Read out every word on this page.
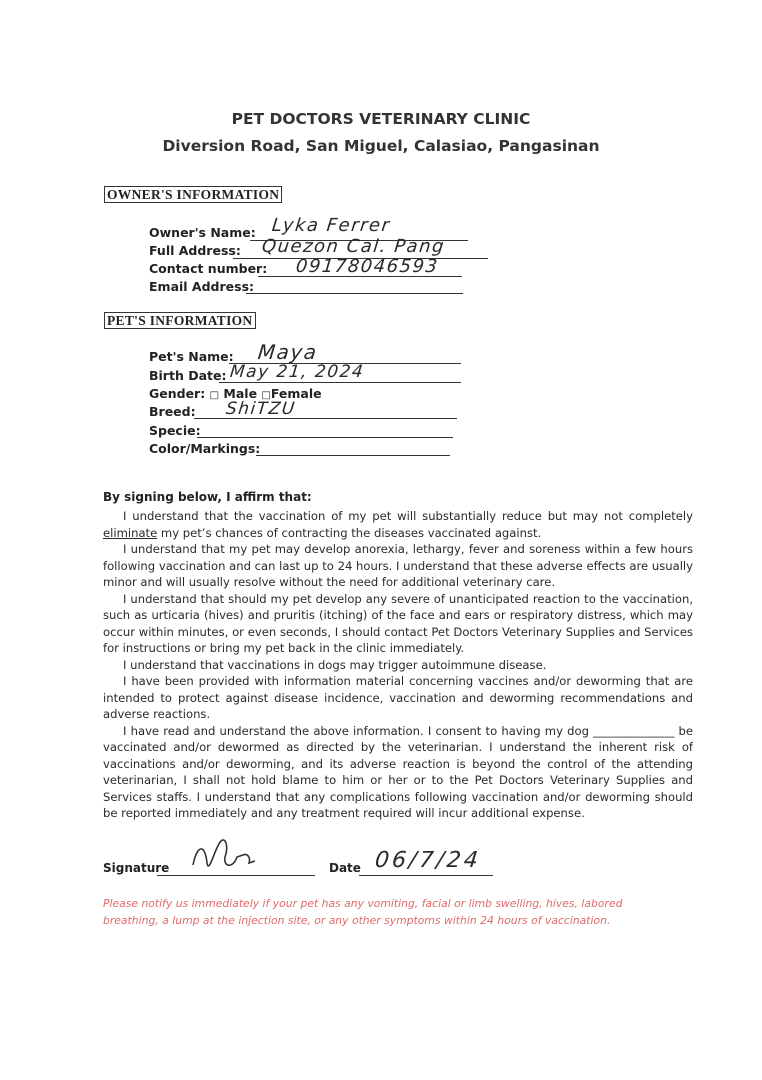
PET DOCTORS VETERINARY CLINIC
Diversion Road, San Miguel, Calasiao, Pangasinan
OWNER'S INFORMATION
Owner's Name: Lyka Ferrer
Full Address: Quezon Cal. Pang
Contact number: 09178046593
Email Address:
PET'S INFORMATION
Pet's Name: Maya
Birth Date: May 21, 2024
Gender: □ Male □Female
Breed: ShiTZU
Specie:
Color/Markings:
By signing below, I affirm that:

I understand that the vaccination of my pet will substantially reduce but may not completely eliminate my pet’s chances of contracting the diseases vaccinated against.

I understand that my pet may develop anorexia, lethargy, fever and soreness within a few hours following vaccination and can last up to 24 hours. I understand that these adverse effects are usually minor and will usually resolve without the need for additional veterinary care.

I understand that should my pet develop any severe of unanticipated reaction to the vaccination, such as urticaria (hives) and pruritis (itching) of the face and ears or respiratory distress, which may occur within minutes, or even seconds, I should contact Pet Doctors Veterinary Supplies and Services for instructions or bring my pet back in the clinic immediately.

I understand that vaccinations in dogs may trigger autoimmune disease.

I have been provided with information material concerning vaccines and/or deworming that are intended to protect against disease incidence, vaccination and deworming recommendations and adverse reactions.

I have read and understand the above information. I consent to having my dog ______________ be vaccinated and/or dewormed as directed by the veterinarian. I understand the inherent risk of vaccinations and/or deworming, and its adverse reaction is beyond the control of the attending veterinarian, I shall not hold blame to him or her or to the Pet Doctors Veterinary Supplies and Services staffs. I understand that any complications following vaccination and/or deworming should be reported immediately and any treatment required will incur additional expense.

Signature	Date 06/7/24
Please notify us immediately if your pet has any vomiting, facial or limb swelling, hives, labored breathing, a lump at the injection site, or any other symptoms within 24 hours of vaccination.
